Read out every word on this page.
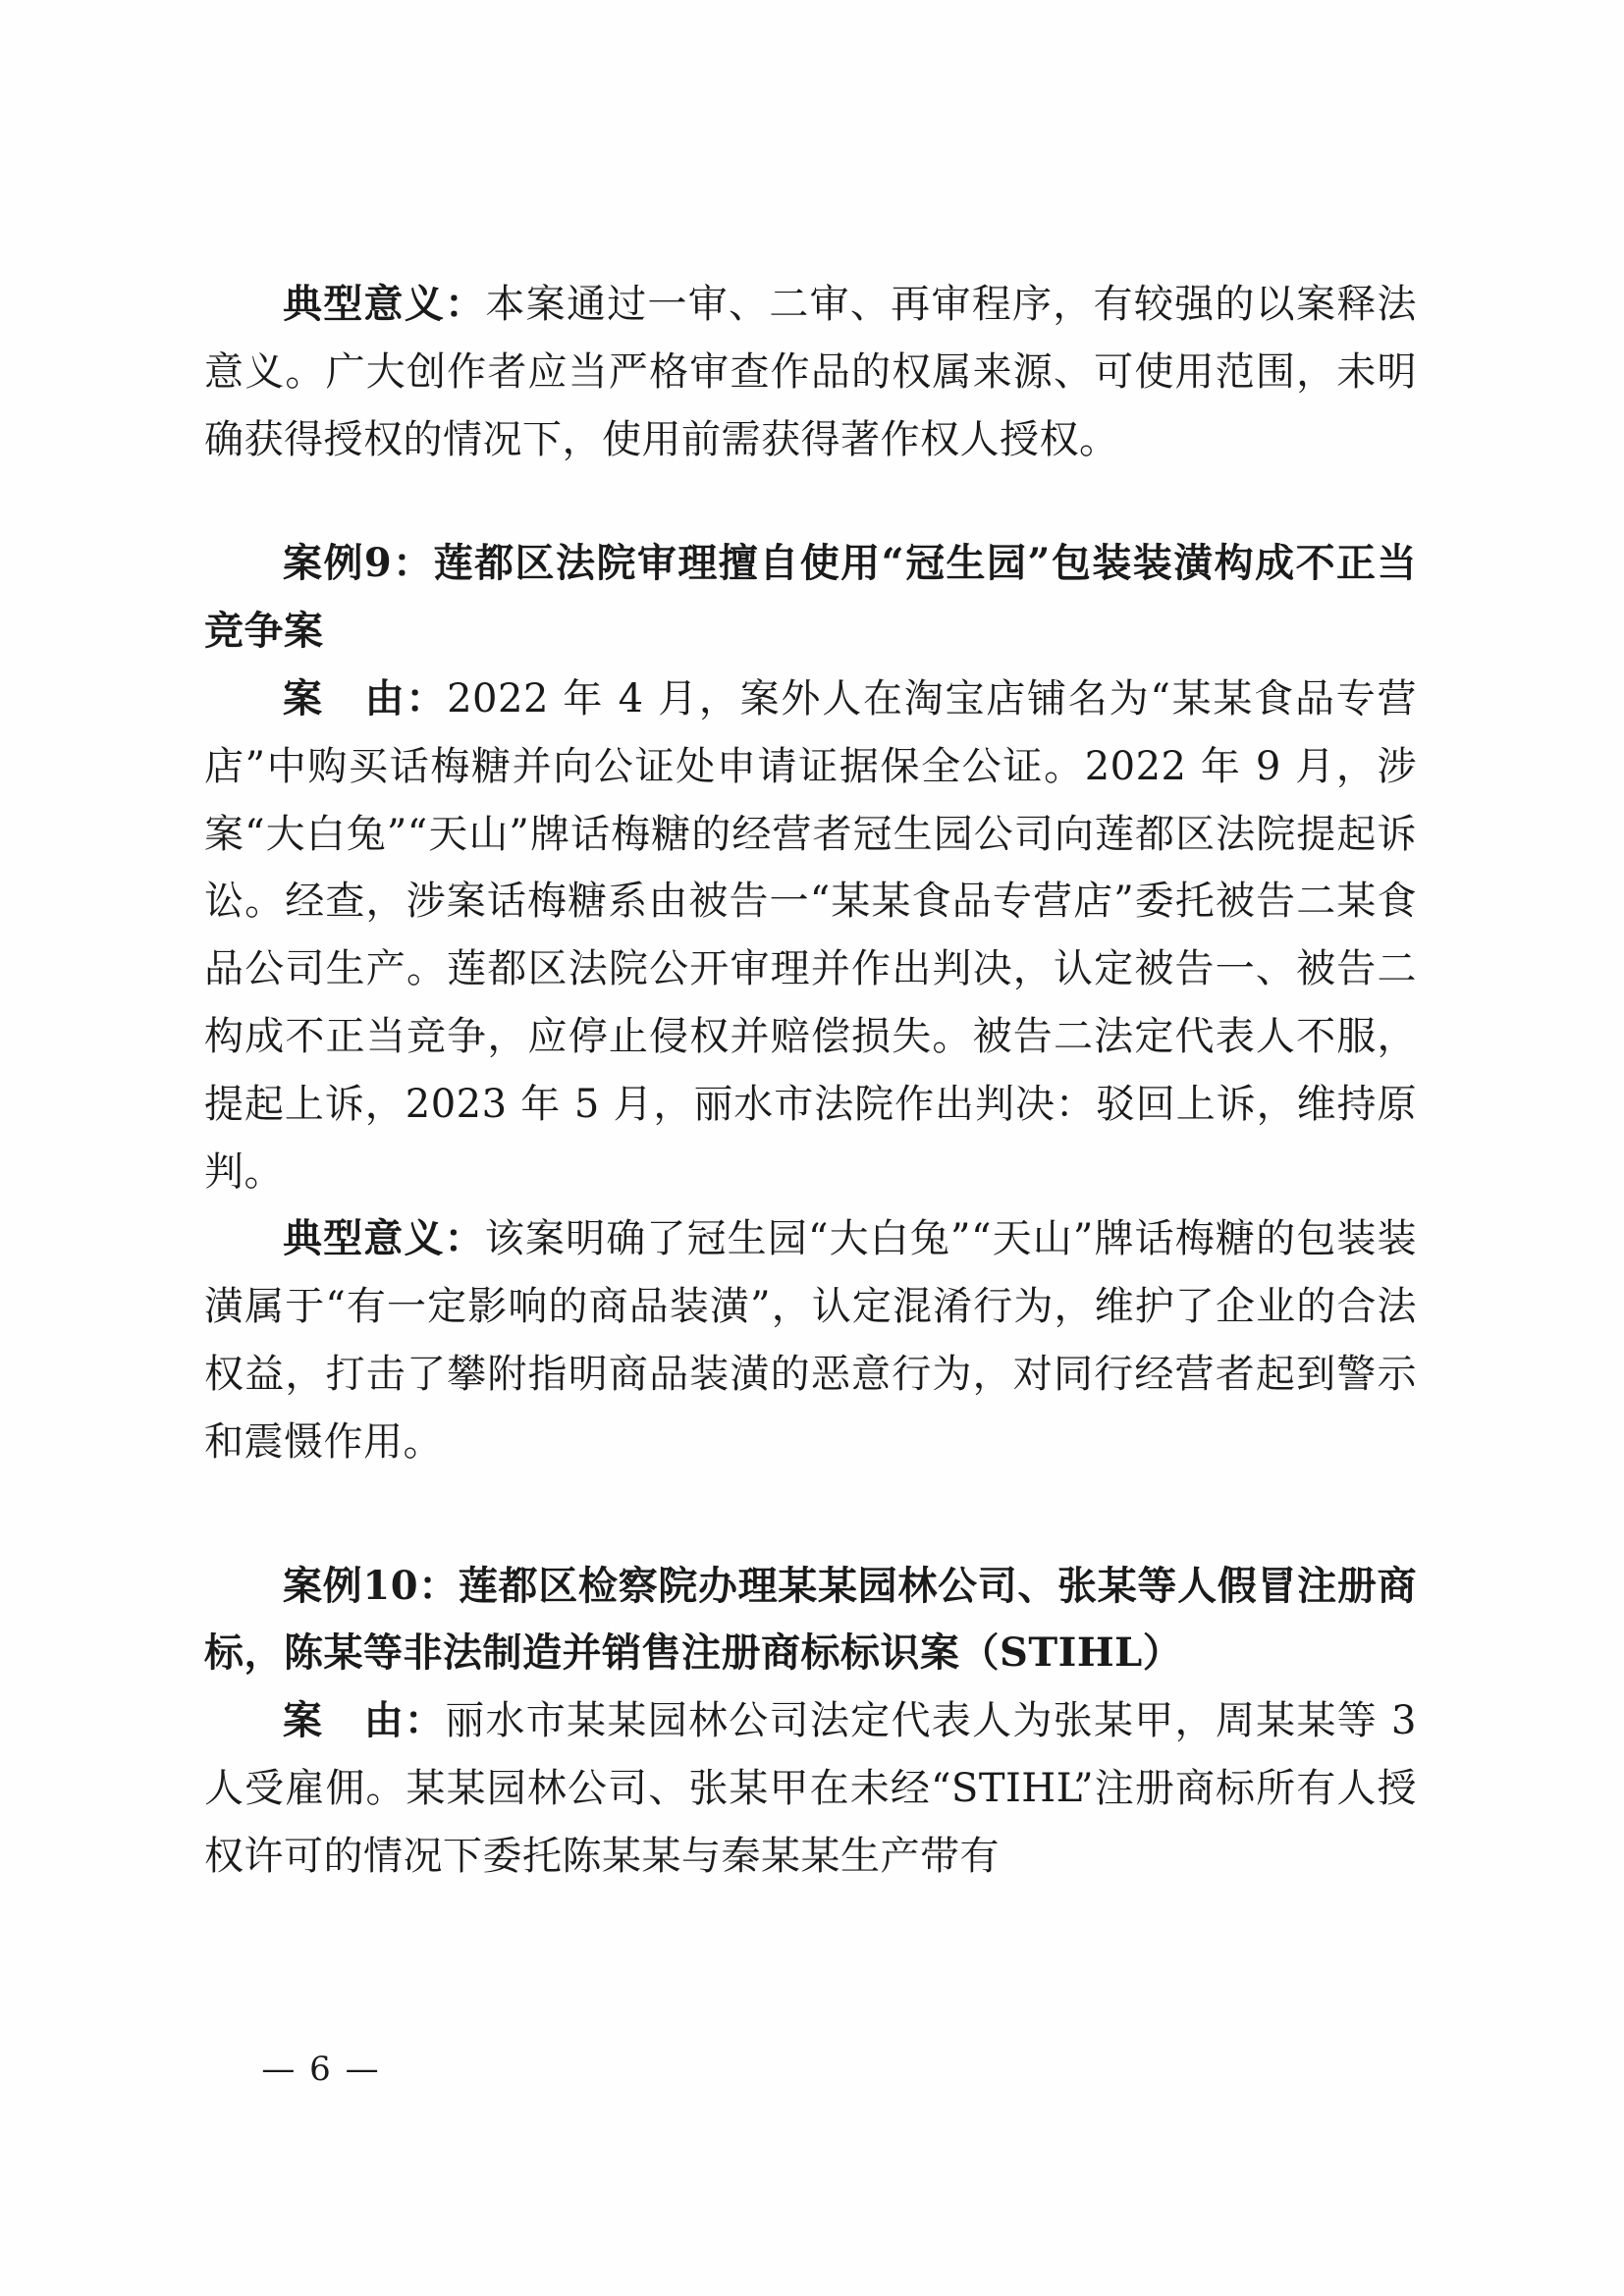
典型意义：本案通过一审、二审、再审程序，有较强的以案释法意义。广大创作者应当严格审查作品的权属来源、可使用范围，未明确获得授权的情况下，使用前需获得著作权人授权。

案例9：莲都区法院审理擅自使用“冠生园”包装装潢构成不正当竞争案

案　由：2022 年 4 月，案外人在淘宝店铺名为“某某食品专营店”中购买话梅糖并向公证处申请证据保全公证。2022 年 9 月，涉案“大白兔”“天山”牌话梅糖的经营者冠生园公司向莲都区法院提起诉讼。经查，涉案话梅糖系由被告一“某某食品专营店”委托被告二某食品公司生产。莲都区法院公开审理并作出判决，认定被告一、被告二构成不正当竞争，应停止侵权并赔偿损失。被告二法定代表人不服，提起上诉，2023 年 5 月，丽水市法院作出判决：驳回上诉，维持原判。

典型意义：该案明确了冠生园“大白兔”“天山”牌话梅糖的包装装潢属于“有一定影响的商品装潢”，认定混淆行为，维护了企业的合法权益，打击了攀附指明商品装潢的恶意行为，对同行经营者起到警示和震慑作用。

案例10：莲都区检察院办理某某园林公司、张某等人假冒注册商标，陈某等非法制造并销售注册商标标识案（STIHL）

案　由：丽水市某某园林公司法定代表人为张某甲，周某某等 3 人受雇佣。某某园林公司、张某甲在未经“STIHL”注册商标所有人授权许可的情况下委托陈某某与秦某某生产带有

— 6 —
